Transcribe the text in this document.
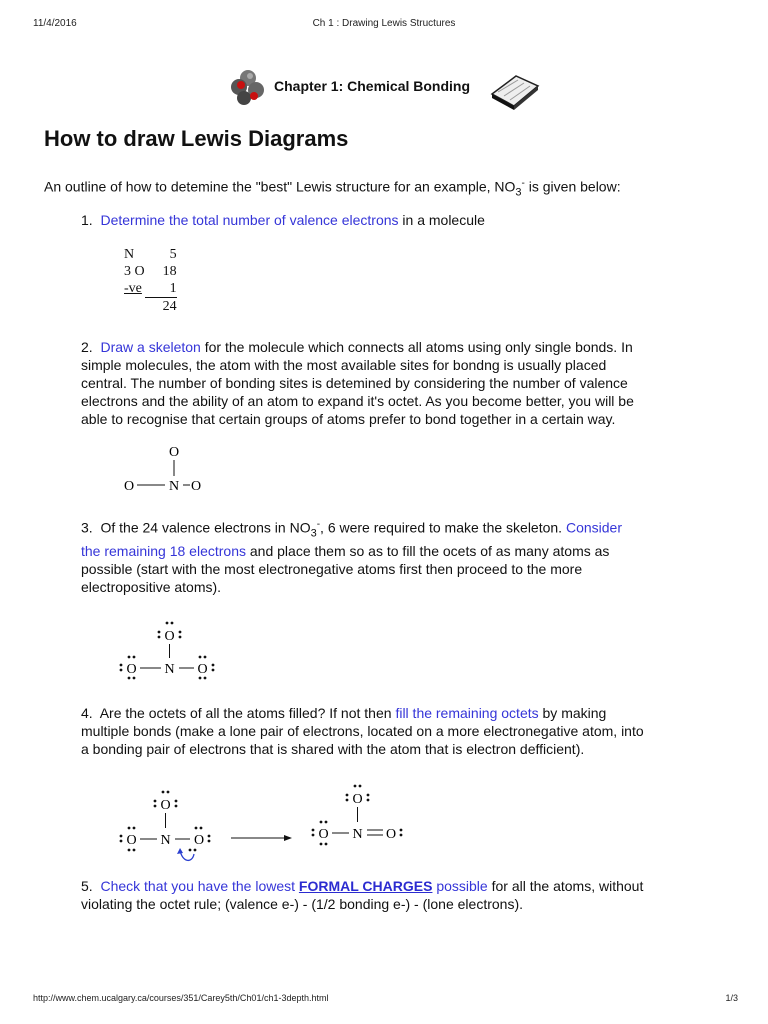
11/4/2016	Ch 1 : Drawing Lewis Structures
Chapter 1: Chemical Bonding
How to draw Lewis Diagrams
An outline of how to detemine the "best" Lewis structure for an example, $NO_3^-$ is given below:
1. Determine the total number of valence electrons in a molecule
N	5
3 O	18
-ve	1
	24
2. Draw a skeleton for the molecule which connects all atoms using only single bonds. In
simple molecules, the atom with the most available sites for bondng is usually placed
central. The number of bonding sites is detemined by considering the number of valence
electrons and the ability of an atom to expand it's octet. As you become better, you will be
able to recognise that certain groups of atoms prefer to bond together in a certain way.
O
O N O
3. Of the 24 valence electrons in $NO_3^-$, 6 were required to make the skeleton. Consider
the remaining 18 electrons and place them so as to fill the ocets of as many atoms as
possible (start with the most electronegative atoms first then proceed to the more
electropositive atoms).
O
O N O
4. Are the octets of all the atoms filled? If not then fill the remaining octets by making
multiple bonds (make a lone pair of electrons, located on a more electronegative atom, into
a bonding pair of electrons that is shared with the atom that is electron defficient).
O
O N O
O
O N O
5. Check that you have the lowest FORMAL CHARGES possible for all the atoms, without
violating the octet rule; (valence e-) - (1/2 bonding e-) - (lone electrons).
http://www.chem.ucalgary.ca/courses/351/Carey5th/Ch01/ch1-3depth.html	1/3
